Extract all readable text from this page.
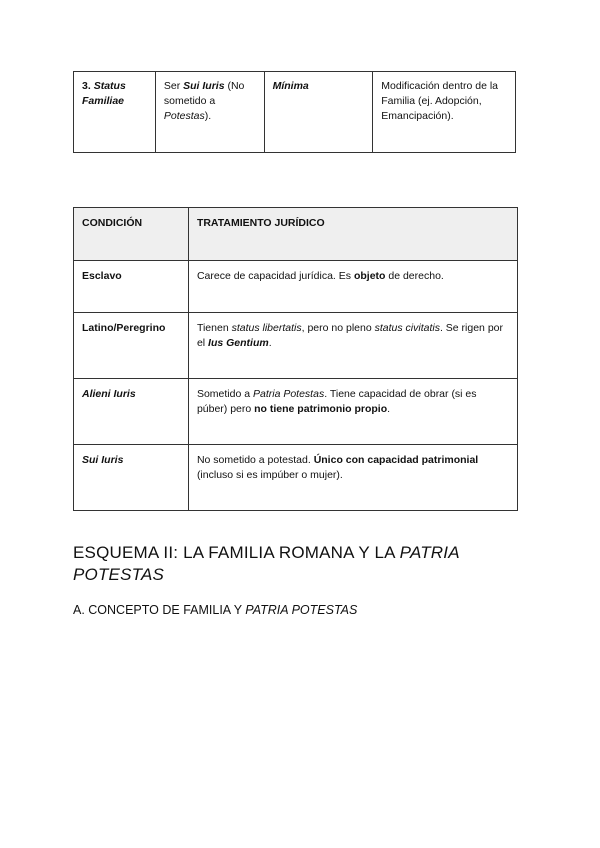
3. Status Familiae	Ser Sui Iuris (No sometido a Potestas).	Mínima	Modificación dentro de la Familia (ej. Adopción, Emancipación).
CONDICIÓN	TRATAMIENTO JURÍDICO
Esclavo	Carece de capacidad jurídica. Es objeto de derecho.
Latino/Peregrino	Tienen status libertatis, pero no pleno status civitatis. Se rigen por el Ius Gentium.
Alieni Iuris	Sometido a Patria Potestas. Tiene capacidad de obrar (si es púber) pero no tiene patrimonio propio.
Sui Iuris	No sometido a potestad. Único con capacidad patrimonial (incluso si es impúber o mujer).
ESQUEMA II: LA FAMILIA ROMANA Y LA PATRIA POTESTAS
A. CONCEPTO DE FAMILIA Y PATRIA POTESTAS
